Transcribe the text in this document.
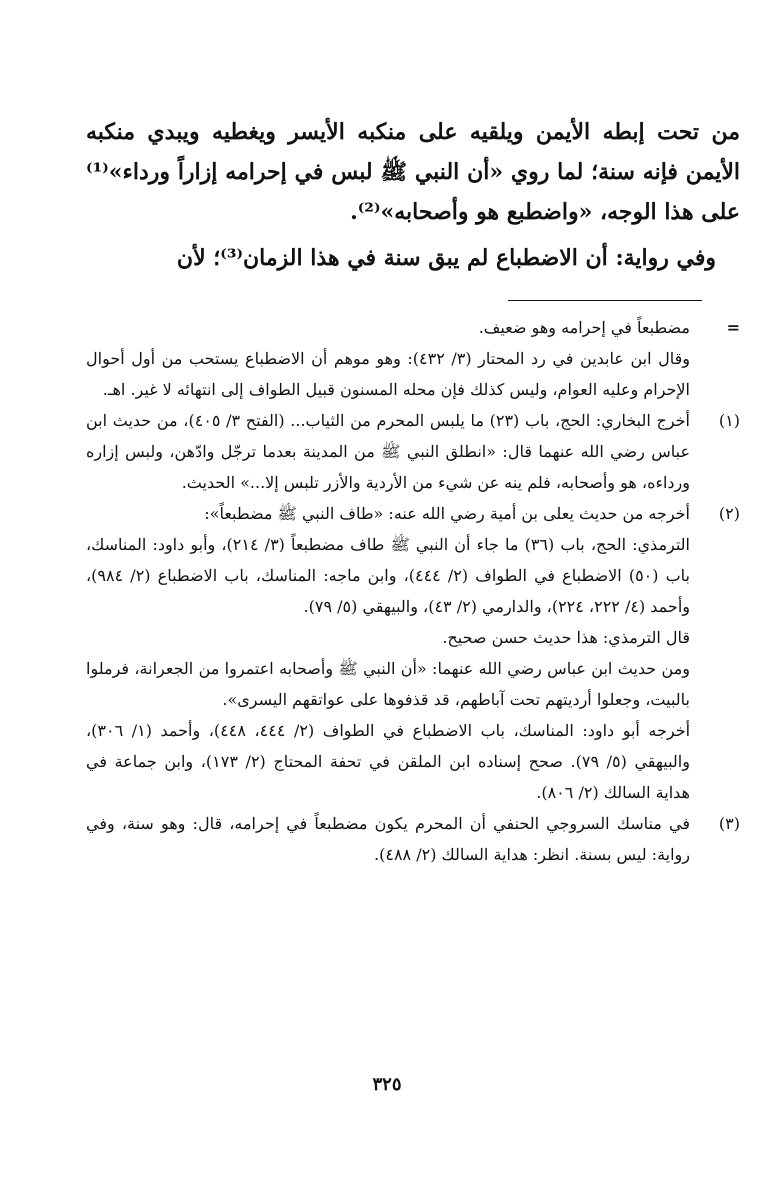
من تحت إبطه الأيمن ويلقيه على منكبه الأيسر ويغطيه ويبدي منكبه الأيمن فإنه سنة؛ لما روي «أن النبي ﷺ لبس في إحرامه إزاراً ورداء»⁽¹⁾ على هذا الوجه، «واضطبع هو وأصحابه»⁽²⁾.

وفي رواية: أن الاضطباع لم يبق سنة في هذا الزمان⁽³⁾؛ لأن

=

مضطبعاً في إحرامه وهو ضعيف.

وقال ابن عابدين في رد المحتار (٣/ ٤٣٢): وهو موهم أن الاضطباع يستحب من أول أحوال الإحرام وعليه العوام، وليس كذلك فإن محله المسنون قبيل الطواف إلى انتهائه لا غير. اهـ.

(١)

أخرج البخاري: الحج، باب (٢٣) ما يلبس المحرم من الثياب... (الفتح ٣/ ٤٠٥)، من حديث ابن عباس رضي الله عنهما قال: «انطلق النبي ﷺ من المدينة بعدما ترجّل وادّهن، ولبس إزاره ورداءه، هو وأصحابه، فلم ينه عن شيء من الأردية والأزر تلبس إلا...» الحديث.

(٢)

أخرجه من حديث يعلى بن أمية رضي الله عنه: «طاف النبي ﷺ مضطبعاً»:

الترمذي: الحج، باب (٣٦) ما جاء أن النبي ﷺ طاف مضطبعاً (٣/ ٢١٤)، وأبو داود: المناسك، باب (٥٠) الاضطباع في الطواف (٢/ ٤٤٤)، وابن ماجه: المناسك، باب الاضطباع (٢/ ٩٨٤)، وأحمد (٤/ ٢٢٢، ٢٢٤)، والدارمي (٢/ ٤٣)، والبيهقي (٥/ ٧٩).

قال الترمذي: هذا حديث حسن صحيح.

ومن حديث ابن عباس رضي الله عنهما: «أن النبي ﷺ وأصحابه اعتمروا من الجعرانة، فرملوا بالبيت، وجعلوا أرديتهم تحت آباطهم، قد قذفوها على عواتقهم اليسرى».

أخرجه أبو داود: المناسك، باب الاضطباع في الطواف (٢/ ٤٤٤، ٤٤٨)، وأحمد (١/ ٣٠٦)، والبيهقي (٥/ ٧٩). صحح إسناده ابن الملقن في تحفة المحتاج (٢/ ١٧٣)، وابن جماعة في هداية السالك (٢/ ٨٠٦).

(٣)

في مناسك السروجي الحنفي أن المحرم يكون مضطبعاً في إحرامه، قال: وهو سنة، وفي رواية: ليس بسنة. انظر: هداية السالك (٢/ ٤٨٨).

٣٢٥
